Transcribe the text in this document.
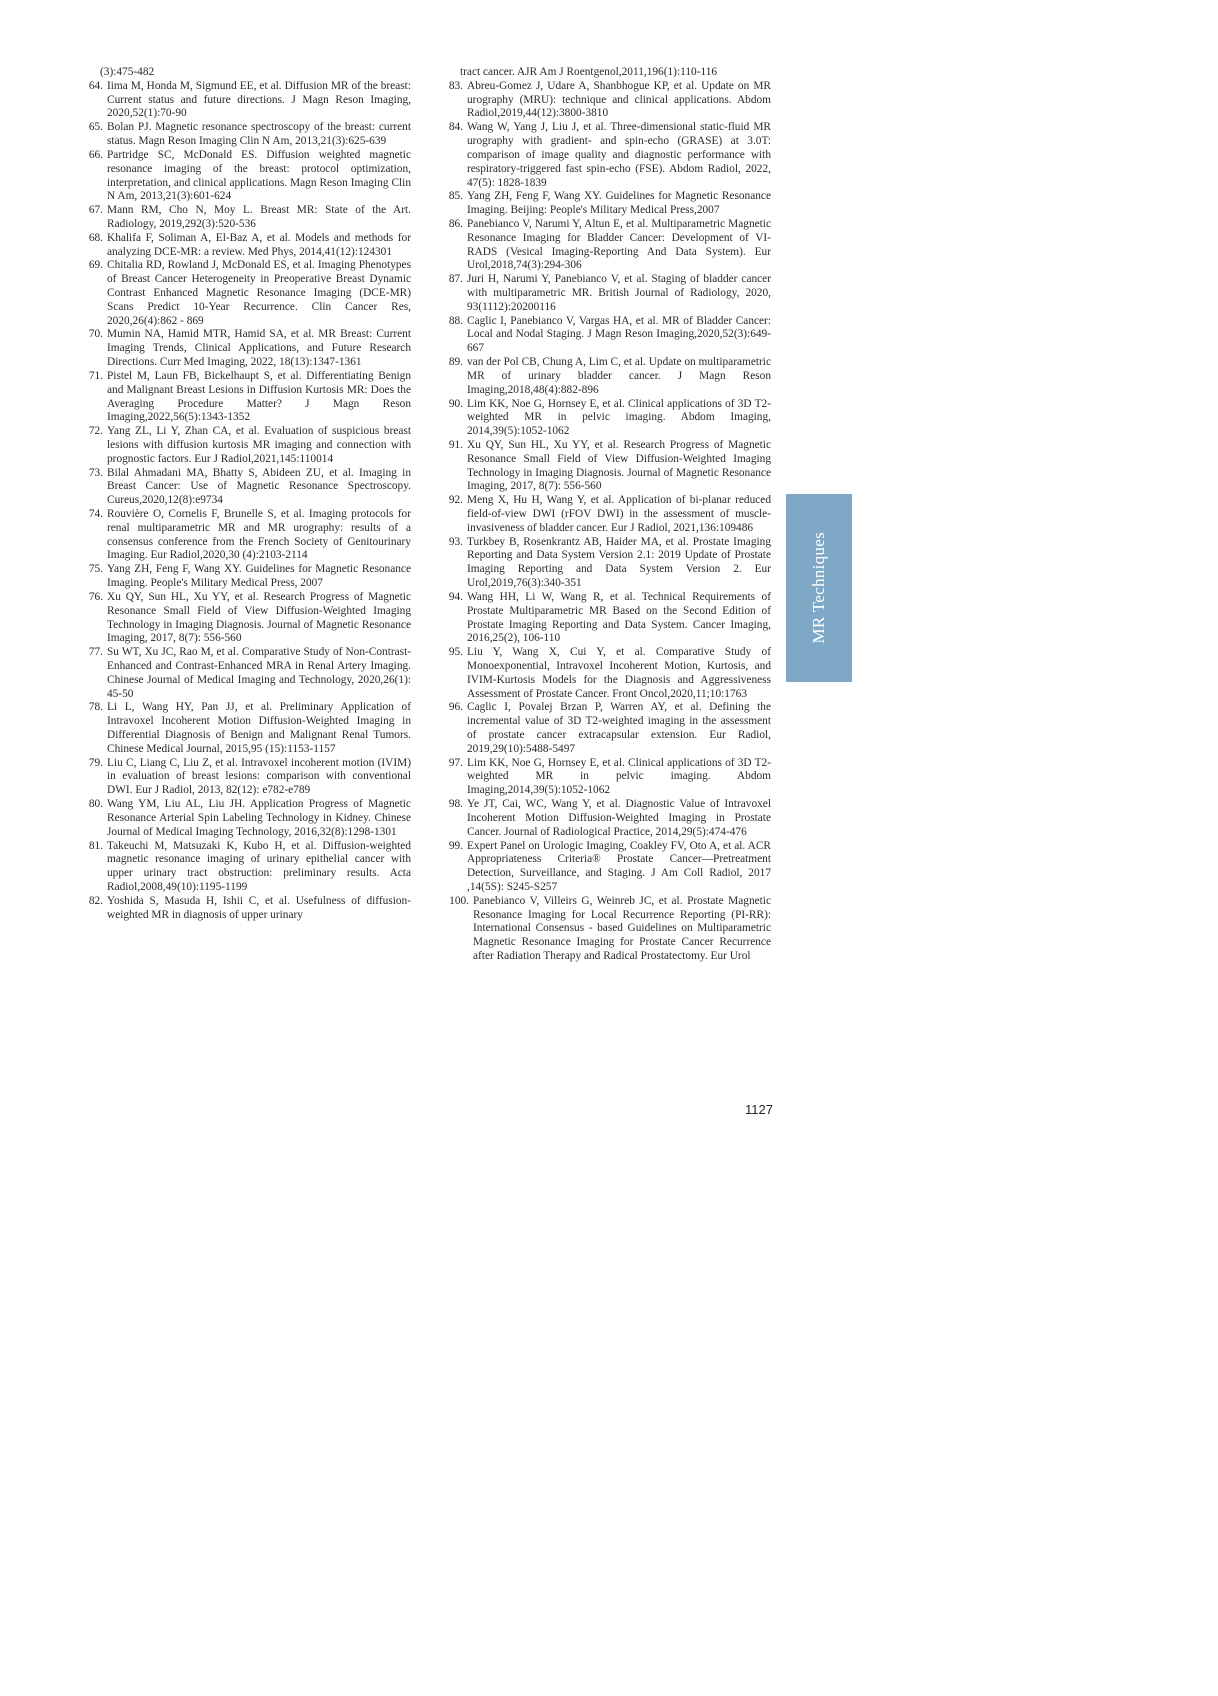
(3):475-482
64. Iima M, Honda M, Sigmund EE, et al. Diffusion MR of the breast: Current status and future directions. J Magn Reson Imaging, 2020,52(1):70-90
65. Bolan PJ. Magnetic resonance spectroscopy of the breast: current status. Magn Reson Imaging Clin N Am, 2013,21(3):625-639
66. Partridge SC, McDonald ES. Diffusion weighted magnetic resonance imaging of the breast: protocol optimization, interpretation, and clinical applications. Magn Reson Imaging Clin N Am, 2013,21(3):601-624
67. Mann RM, Cho N, Moy L. Breast MR: State of the Art. Radiology, 2019,292(3):520-536
68. Khalifa F, Soliman A, El-Baz A, et al. Models and methods for analyzing DCE-MR: a review. Med Phys, 2014,41(12):124301
69. Chitalia RD, Rowland J, McDonald ES, et al. Imaging Phenotypes of Breast Cancer Heterogeneity in Preoperative Breast Dynamic Contrast Enhanced Magnetic Resonance Imaging (DCE-MR) Scans Predict 10-Year Recurrence. Clin Cancer Res, 2020,26(4):862 - 869
70. Mumin NA, Hamid MTR, Hamid SA, et al. MR Breast: Current Imaging Trends, Clinical Applications, and Future Research Directions. Curr Med Imaging, 2022, 18(13):1347-1361
71. Pistel M, Laun FB, Bickelhaupt S, et al. Differentiating Benign and Malignant Breast Lesions in Diffusion Kurtosis MR: Does the Averaging Procedure Matter? J Magn Reson Imaging,2022,56(5):1343-1352
72. Yang ZL, Li Y, Zhan CA, et al. Evaluation of suspicious breast lesions with diffusion kurtosis MR imaging and connection with prognostic factors. Eur J Radiol,2021,145:110014
73. Bilal Ahmadani MA, Bhatty S, Abideen ZU, et al. Imaging in Breast Cancer: Use of Magnetic Resonance Spectroscopy. Cureus,2020,12(8):e9734
74. Rouvière O, Cornelis F, Brunelle S, et al. Imaging protocols for renal multiparametric MR and MR urography: results of a consensus conference from the French Society of Genitourinary Imaging. Eur Radiol,2020,30 (4):2103-2114
75. Yang ZH, Feng F, Wang XY. Guidelines for Magnetic Resonance Imaging. People's Military Medical Press, 2007
76. Xu QY, Sun HL, Xu YY, et al. Research Progress of Magnetic Resonance Small Field of View Diffusion-Weighted Imaging Technology in Imaging Diagnosis. Journal of Magnetic Resonance Imaging, 2017, 8(7): 556-560
77. Su WT, Xu JC, Rao M, et al. Comparative Study of Non-Contrast-Enhanced and Contrast-Enhanced MRA in Renal Artery Imaging. Chinese Journal of Medical Imaging and Technology, 2020,26(1): 45-50
78. Li L, Wang HY, Pan JJ, et al. Preliminary Application of Intravoxel Incoherent Motion Diffusion-Weighted Imaging in Differential Diagnosis of Benign and Malignant Renal Tumors. Chinese Medical Journal, 2015,95 (15):1153-1157
79. Liu C, Liang C, Liu Z, et al. Intravoxel incoherent motion (IVIM) in evaluation of breast lesions: comparison with conventional DWI. Eur J Radiol, 2013, 82(12): e782-e789
80. Wang YM, Liu AL, Liu JH. Application Progress of Magnetic Resonance Arterial Spin Labeling Technology in Kidney. Chinese Journal of Medical Imaging Technology, 2016,32(8):1298-1301
81. Takeuchi M, Matsuzaki K, Kubo H, et al. Diffusion-weighted magnetic resonance imaging of urinary epithelial cancer with upper urinary tract obstruction: preliminary results. Acta Radiol,2008,49(10):1195-1199
82. Yoshida S, Masuda H, Ishii C, et al. Usefulness of diffusion-weighted MR in diagnosis of upper urinary
tract cancer. AJR Am J Roentgenol,2011,196(1):110-116
83. Abreu-Gomez J, Udare A, Shanbhogue KP, et al. Update on MR urography (MRU): technique and clinical applications. Abdom Radiol,2019,44(12):3800-3810
84. Wang W, Yang J, Liu J, et al. Three-dimensional static-fluid MR urography with gradient- and spin-echo (GRASE) at 3.0T: comparison of image quality and diagnostic performance with respiratory-triggered fast spin-echo (FSE). Abdom Radiol, 2022, 47(5): 1828-1839
85. Yang ZH, Feng F, Wang XY. Guidelines for Magnetic Resonance Imaging. Beijing: People's Military Medical Press,2007
86. Panebianco V, Narumi Y, Altun E, et al. Multiparametric Magnetic Resonance Imaging for Bladder Cancer: Development of VI-RADS (Vesical Imaging-Reporting And Data System). Eur Urol,2018,74(3):294-306
87. Juri H, Narumi Y, Panebianco V, et al. Staging of bladder cancer with multiparametric MR. British Journal of Radiology, 2020, 93(1112):20200116
88. Caglic I, Panebianco V, Vargas HA, et al. MR of Bladder Cancer: Local and Nodal Staging. J Magn Reson Imaging,2020,52(3):649-667
89. van der Pol CB, Chung A, Lim C, et al. Update on multiparametric MR of urinary bladder cancer. J Magn Reson Imaging,2018,48(4):882-896
90. Lim KK, Noe G, Hornsey E, et al. Clinical applications of 3D T2-weighted MR in pelvic imaging. Abdom Imaging, 2014,39(5):1052-1062
91. Xu QY, Sun HL, Xu YY, et al. Research Progress of Magnetic Resonance Small Field of View Diffusion-Weighted Imaging Technology in Imaging Diagnosis. Journal of Magnetic Resonance Imaging, 2017, 8(7): 556-560
92. Meng X, Hu H, Wang Y, et al. Application of bi-planar reduced field-of-view DWI (rFOV DWI) in the assessment of muscle-invasiveness of bladder cancer. Eur J Radiol, 2021,136:109486
93. Turkbey B, Rosenkrantz AB, Haider MA, et al. Prostate Imaging Reporting and Data System Version 2.1: 2019 Update of Prostate Imaging Reporting and Data System Version 2. Eur Urol,2019,76(3):340-351
94. Wang HH, Li W, Wang R, et al. Technical Requirements of Prostate Multiparametric MR Based on the Second Edition of Prostate Imaging Reporting and Data System. Cancer Imaging, 2016,25(2), 106-110
95. Liu Y, Wang X, Cui Y, et al. Comparative Study of Monoexponential, Intravoxel Incoherent Motion, Kurtosis, and IVIM-Kurtosis Models for the Diagnosis and Aggressiveness Assessment of Prostate Cancer. Front Oncol,2020,11;10:1763
96. Caglic I, Povalej Brzan P, Warren AY, et al. Defining the incremental value of 3D T2-weighted imaging in the assessment of prostate cancer extracapsular extension. Eur Radiol, 2019,29(10):5488-5497
97. Lim KK, Noe G, Hornsey E, et al. Clinical applications of 3D T2-weighted MR in pelvic imaging. Abdom Imaging,2014,39(5):1052-1062
98. Ye JT, Cai, WC, Wang Y, et al. Diagnostic Value of Intravoxel Incoherent Motion Diffusion-Weighted Imaging in Prostate Cancer. Journal of Radiological Practice, 2014,29(5):474-476
99. Expert Panel on Urologic Imaging, Coakley FV, Oto A, et al. ACR Appropriateness Criteria® Prostate Cancer—Pretreatment Detection, Surveillance, and Staging. J Am Coll Radiol, 2017 ,14(5S): S245-S257
100. Panebianco V, Villeirs G, Weinreb JC, et al. Prostate Magnetic Resonance Imaging for Local Recurrence Reporting (PI-RR): International Consensus - based Guidelines on Multiparametric Magnetic Resonance Imaging for Prostate Cancer Recurrence after Radiation Therapy and Radical Prostatectomy. Eur Urol
MR Techniques
1127
